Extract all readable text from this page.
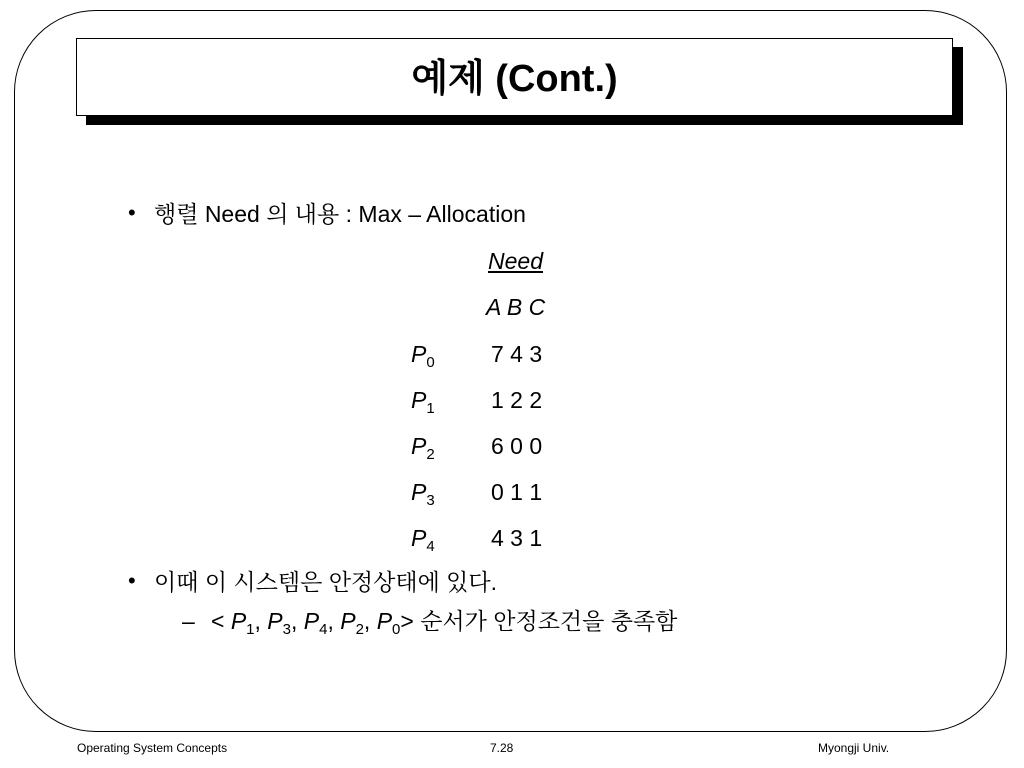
예제 (Cont.)
• 행렬 Need 의 내용 : Max – Allocation
Need
A B C
$P_0$ 7 4 3
$P_1$ 1 2 2
$P_2$ 6 0 0
$P_3$ 0 1 1
$P_4$ 4 3 1
• 이때 이 시스템은 안정상태에 있다.
– < $P_1$, $P_3$, $P_4$, $P_2$, $P_0>$ 순서가 안정조건을 충족함
Operating System Concepts	7.28	Myongji Univ.
